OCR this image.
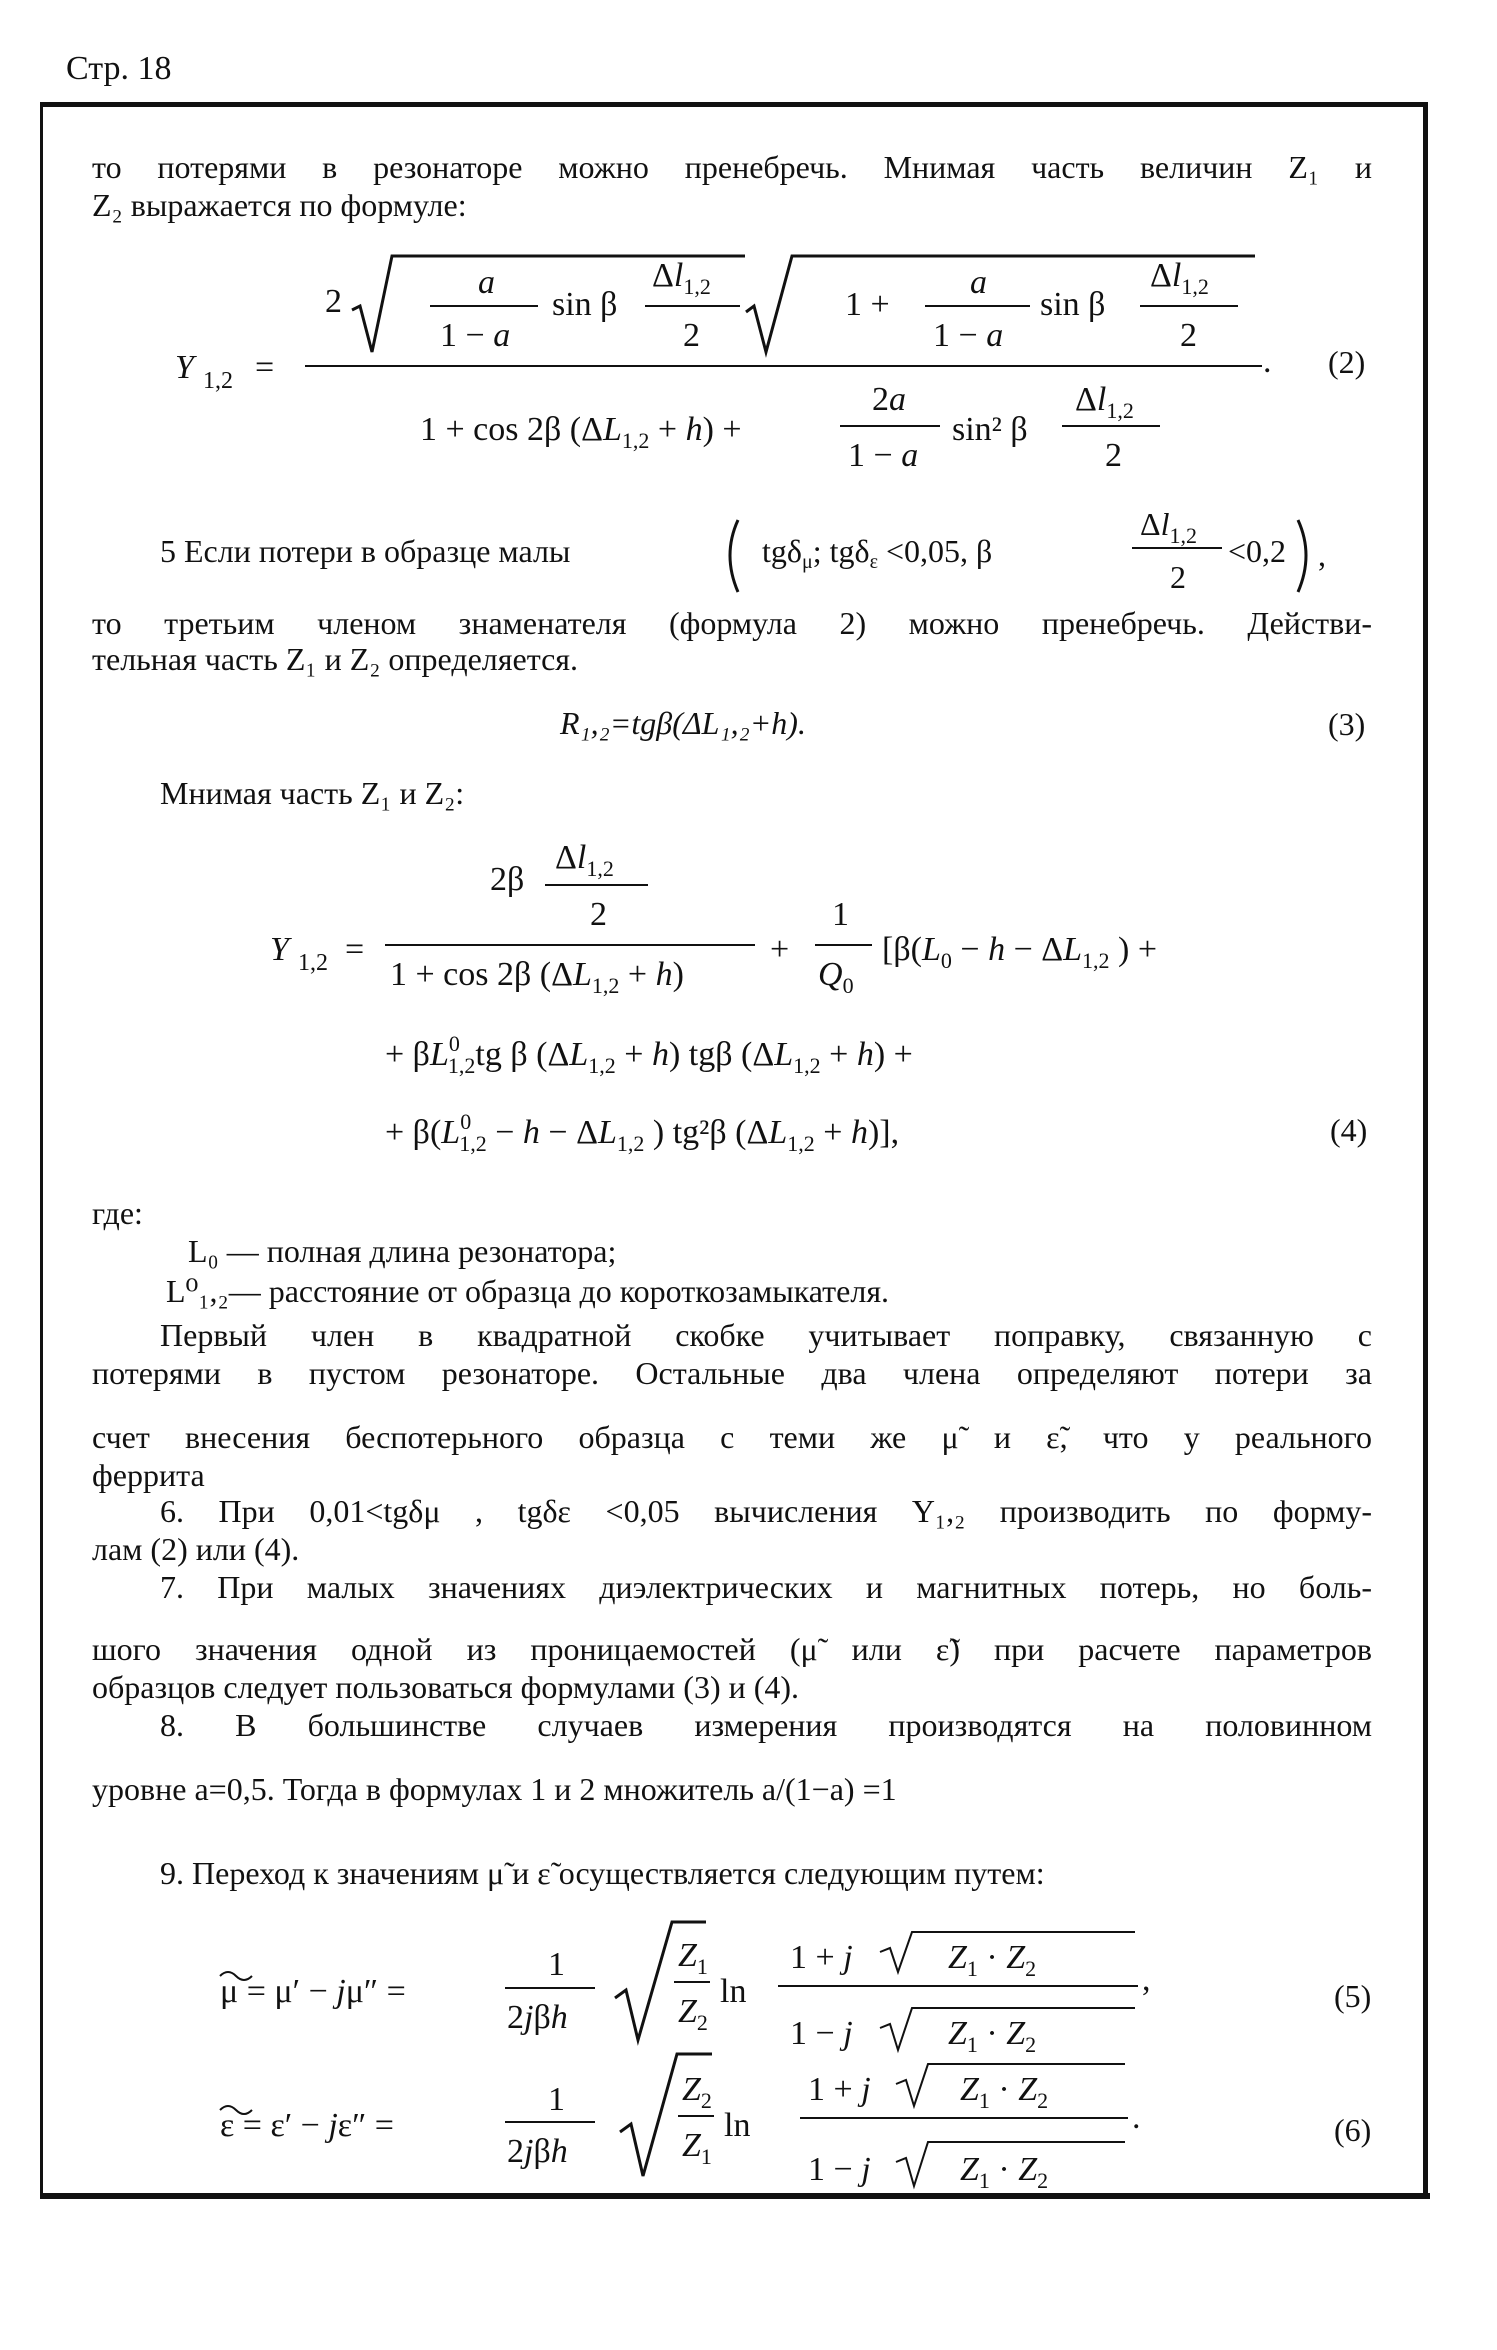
Стр. 18
то потерями в резонаторе можно пренебречь. Мнимая часть величин Z₁ и
Z₂ выражается по формуле:
Y 1,2 =
2
a
1 − a
sin β
$\Delta l_{1,2}$
2
1 +
a
1 − a
sin β
$\Delta l_{1,2}$
2
.
1 + cos 2β $(\Delta L_{1,2} + h)$ +
2a
1 − a
sin² β
$\Delta l_{1,2}$
2
(2)
5 Если потери в образце малы	tgδμ; tgδε <0,05, β
$\Delta l_{1,2}$
2
<0,2 ,
то третьим членом знаменателя (формула 2) можно пренебречь. Действи-
тельная часть Z₁ и Z₂ определяется.
R₁,₂=tgβ(ΔL₁,₂+h).	(3)
Мнимая часть Z₁ и Z₂:
Y 1,2 =
2β
$\Delta l_{1,2}$
2
1 + cos 2β $(\Delta L_{1,2} + h)$
+
1
$Q_0$
[$\beta(L_0 - h - \Delta L_{1,2}$ ) +
+ $\beta L^0$ 1,2tg β $(\Delta L_{1,2} + h)$ tgβ $(\Delta L_{1,2} + h)$ +
+ $\beta(L^0$ $1,2 - h - \Delta L_{1,2}$ ) tg²β $(\Delta L_{1,2} + h)$],	(4)
где:
L₀ — полная длина резонатора;
L⁰₁,₂— расстояние от образца до короткозамыкателя.
Первый член в квадратной скобке учитывает поправку, связанную с
потерями в пустом резонаторе. Остальные два члена определяют потери за
счет внесения беспотерьного образца с теми же μ̃ и ε̃, что у реального
феррита
6. При 0,01<tgδμ , tgδε <0,05 вычисления Y₁,₂ производить по форму-
лам (2) или (4).
7. При малых значениях диэлектрических и магнитных потерь, но боль-
шого значения одной из проницаемостей (μ̃ или ε̃) при расчете параметров
образцов следует пользоваться формулами (3) и (4).
8. В большинстве случаев измерения производятся на половинном
уровне a=0,5. Тогда в формулах 1 и 2 множитель a/(1−a) =1
9. Переход к значениям μ̃ и ε̃ осуществляется следующим путем:
μ = μ′ − jμ″ =
1
2jβh
$Z_1$
$Z_2$
ln
1 + j	$Z_1 \cdot Z_2$
1 − j	$Z_1 \cdot Z_2$
,
ε = ε′ − jε″ =
1
2jβh
$Z_2$
$Z_1$
ln
1 + j	$Z_1 \cdot Z_2$
1 − j	$Z_1 \cdot Z_2$
.
(5)
(6)
